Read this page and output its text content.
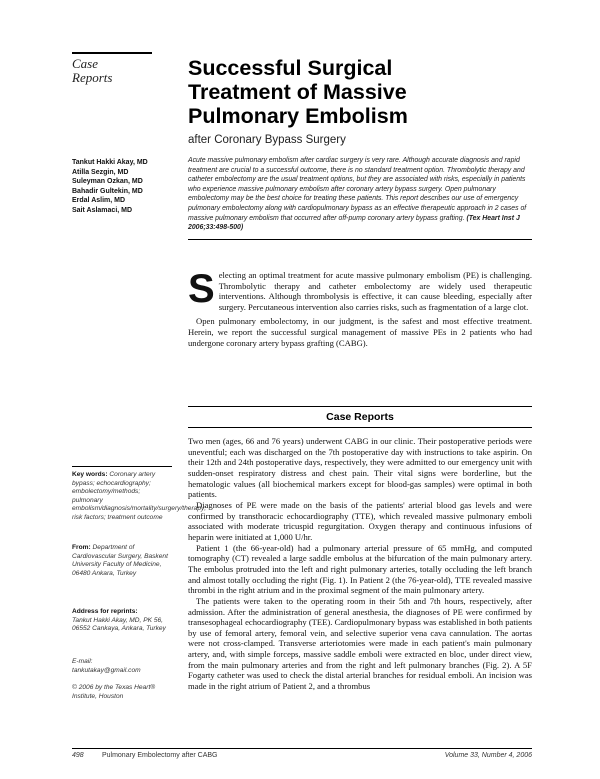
Case
Reports	Successful Surgical
Treatment of Massive
Pulmonary Embolism
after Coronary Bypass Surgery
Tankut Hakki Akay, MD
Atilla Sezgin, MD
Suleyman Ozkan, MD
Bahadir Gultekin, MD
Erdal Aslim, MD
Sait Aslamaci, MD
Acute massive pulmonary embolism after cardiac surgery is very rare. Although accurate diagnosis and rapid treatment are crucial to a successful outcome, there is no standard treatment option. Thrombolytic therapy and catheter embolectomy are the usual treatment options, but they are associated with risks, especially in patients who experience massive pulmonary embolism after coronary artery bypass surgery. Open pulmonary embolectomy may be the best choice for treating these patients. This report describes our use of emergency pulmonary embolectomy along with cardiopulmonary bypass as an effective therapeutic approach in 2 cases of massive pulmonary embolism that occurred after off-pump coronary artery bypass grafting. (Tex Heart Inst J 2006;33:498-500)

Selecting an optimal treatment for acute massive pulmonary embolism (PE) is challenging. Thrombolytic therapy and catheter embolectomy are widely used therapeutic interventions. Although thrombolysis is effective, it can cause bleeding, especially after surgery. Percutaneous intervention also carries risks, such as fragmentation of a large clot.

Open pulmonary embolectomy, in our judgment, is the safest and most effective treatment. Herein, we report the successful surgical management of massive PEs in 2 patients who had undergone coronary artery bypass grafting (CABG).

Case Reports

Two men (ages, 66 and 76 years) underwent CABG in our clinic. Their postoperative periods were uneventful; each was discharged on the 7th postoperative day with instructions to take aspirin. On their 12th and 24th postoperative days, respectively, they were admitted to our emergency unit with sudden-onset respiratory distress and chest pain. Their vital signs were borderline, but the hematologic values (all biochemical markers except for blood-gas samples) were optimal in both patients.

Diagnoses of PE were made on the basis of the patients' arterial blood gas levels and were confirmed by transthoracic echocardiography (TTE), which revealed massive pulmonary emboli associated with moderate tricuspid regurgitation. Oxygen therapy and continuous infusions of heparin were initiated at 1,000 U/hr.

Patient 1 (the 66-year-old) had a pulmonary arterial pressure of 65 mmHg, and computed tomography (CT) revealed a large saddle embolus at the bifurcation of the main pulmonary artery. The embolus protruded into the left and right pulmonary arteries, totally occluding the left branch and almost totally occluding the right (Fig. 1). In Patient 2 (the 76-year-old), TTE revealed massive thrombi in the right atrium and in the proximal segment of the main pulmonary artery.

The patients were taken to the operating room in their 5th and 7th hours, respectively, after admission. After the administration of general anesthesia, the diagnoses of PE were confirmed by transesophageal echocardiography (TEE). Cardiopulmonary bypass was established in both patients by use of femoral artery, femoral vein, and selective superior vena cava cannulation. The aortas were not cross-clamped. Transverse arteriotomies were made in each patient's main pulmonary artery, and, with simple forceps, massive saddle emboli were extracted en bloc, under direct view, from the main pulmonary arteries and from the right and left pulmonary branches (Fig. 2). A 5F Fogarty catheter was used to check the distal arterial branches for residual emboli. An incision was made in the right atrium of Patient 2, and a thrombus

Key words: Coronary artery bypass; echocardiography; embolectomy/methods; pulmonary embolism/diagnosis/mortality/surgery/therapy; risk factors; treatment outcome
From: Department of Cardiovascular Surgery, Baskent University Faculty of Medicine, 06480 Ankara, Turkey
Address for reprints:
Tankut Hakki Akay, MD, PK 56, 06552 Cankaya, Ankara, Turkey
E-mail:
tankutakay@gmail.com
© 2006 by the Texas Heart® Institute, Houston
498	Pulmonary Embolectomy after CABG	Volume 33, Number 4, 2006
